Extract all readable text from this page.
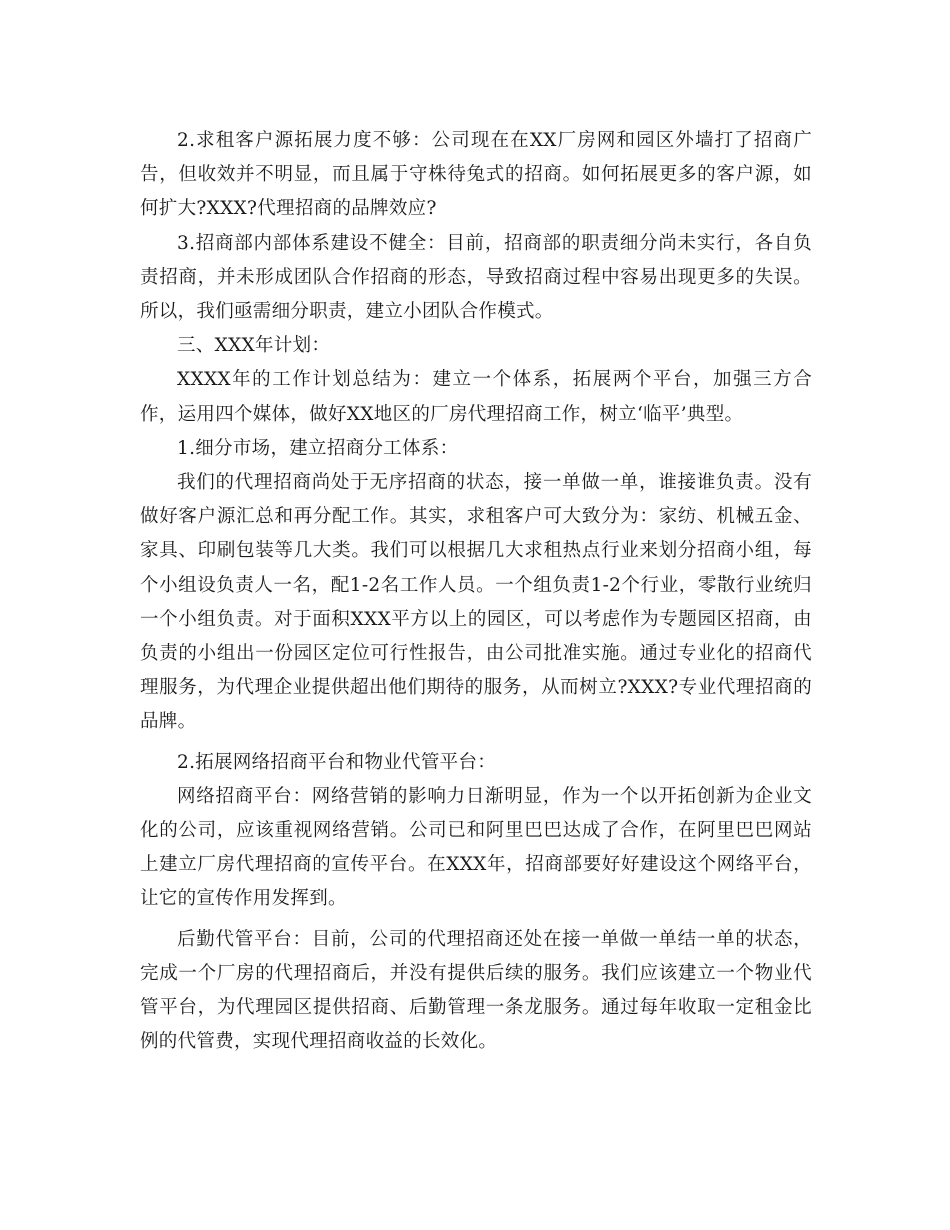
2.求租客户源拓展力度不够：公司现在在XX厂房网和园区外墙打了招商广告，但收效并不明显，而且属于守株待兔式的招商。如何拓展更多的客户源，如何扩大?XXX?代理招商的品牌效应?

3.招商部内部体系建设不健全：目前，招商部的职责细分尚未实行，各自负责招商，并未形成团队合作招商的形态，导致招商过程中容易出现更多的失误。所以，我们亟需细分职责，建立小团队合作模式。

三、XXX年计划：

XXXX年的工作计划总结为：建立一个体系，拓展两个平台，加强三方合作，运用四个媒体，做好XX地区的厂房代理招商工作，树立‘临平’典型。

1.细分市场，建立招商分工体系：

我们的代理招商尚处于无序招商的状态，接一单做一单，谁接谁负责。没有做好客户源汇总和再分配工作。其实，求租客户可大致分为：家纺、机械五金、家具、印刷包装等几大类。我们可以根据几大求租热点行业来划分招商小组，每个小组设负责人一名，配1-2名工作人员。一个组负责1-2个行业，零散行业统归一个小组负责。对于面积XXX平方以上的园区，可以考虑作为专题园区招商，由负责的小组出一份园区定位可行性报告，由公司批准实施。通过专业化的招商代理服务，为代理企业提供超出他们期待的服务，从而树立?XXX?专业代理招商的品牌。

2.拓展网络招商平台和物业代管平台：

网络招商平台：网络营销的影响力日渐明显，作为一个以开拓创新为企业文化的公司，应该重视网络营销。公司已和阿里巴巴达成了合作，在阿里巴巴网站上建立厂房代理招商的宣传平台。在XXX年，招商部要好好建设这个网络平台，让它的宣传作用发挥到。

后勤代管平台：目前，公司的代理招商还处在接一单做一单结一单的状态，完成一个厂房的代理招商后，并没有提供后续的服务。我们应该建立一个物业代管平台，为代理园区提供招商、后勤管理一条龙服务。通过每年收取一定租金比例的代管费，实现代理招商收益的长效化。
